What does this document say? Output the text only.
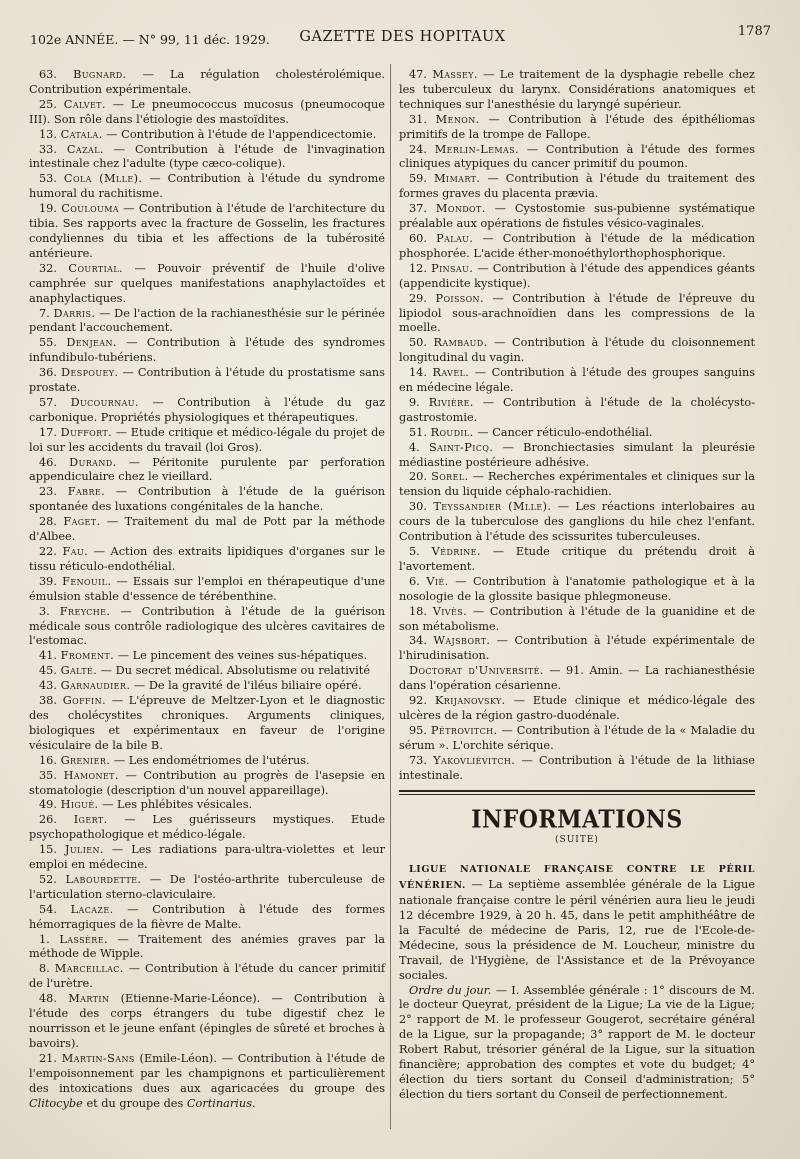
102e ANNÉE. — N° 99, 11 déc. 1929.	GAZETTE DES HOPITAUX	1787

63. Bugnard. — La régulation cholestérolémique. Contribution expérimentale.

25. Calvet. — Le pneumococcus mucosus (pneumocoque III). Son rôle dans l'étiologie des mastoïdites.

13. Catala. — Contribution à l'étude de l'appendicectomie.

33. Cazal. — Contribution à l'étude de l'invagination intestinale chez l'adulte (type cæco-colique).

53. Cola (Mlle). — Contribution à l'étude du syndrome humoral du rachitisme.

19. Coulouma — Contribution à l'étude de l'architecture du tibia. Ses rapports avec la fracture de Gosselin, les fractures condyliennes du tibia et les affections de la tubérosité antérieure.

32. Courtial. — Pouvoir préventif de l'huile d'olive camphrée sur quelques manifestations anaphylactoïdes et anaphylactiques.

7. Darris. — De l'action de la rachianesthésie sur le périnée pendant l'accouchement.

55. Denjean. — Contribution à l'étude des syndromes infundibulo-tubériens.

36. Despouey. — Contribution à l'étude du prostatisme sans prostate.

57. Ducournau. — Contribution à l'étude du gaz carbonique. Propriétés physiologiques et thérapeutiques.

17. Duffort. — Etude critique et médico-légale du projet de loi sur les accidents du travail (loi Gros).

46. Durand. — Péritonite purulente par perforation appendiculaire chez le vieillard.

23. Fabre. — Contribution à l'étude de la guérison spontanée des luxations congénitales de la hanche.

28. Faget. — Traitement du mal de Pott par la méthode d'Albee.

22. Fau. — Action des extraits lipidiques d'organes sur le tissu réticulo-endothélial.

39. Fenouil. — Essais sur l'emploi en thérapeutique d'une émulsion stable d'essence de térébenthine.

3. Freyche. — Contribution à l'étude de la guérison médicale sous contrôle radiologique des ulcères cavitaires de l'estomac.

41. Froment. — Le pincement des veines sus-hépatiques.

45. Galté. — Du secret médical. Absolutisme ou relativité

43. Garnaudier. — De la gravité de l'iléus biliaire opéré.

38. Goffin. — L'épreuve de Meltzer-Lyon et le diagnostic des cholécystites chroniques. Arguments cliniques, biologiques et expérimentaux en faveur de l'origine vésiculaire de la bile B.

16. Grenier. — Les endométriomes de l'utérus.

35. Hamonet. — Contribution au progrès de l'asepsie en stomatologie (description d'un nouvel appareillage).

49. Higué. — Les phlébites vésicales.

26. Igert. — Les guérisseurs mystiques. Etude psychopathologique et médico-légale.

15. Julien. — Les radiations para-ultra-violettes et leur emploi en médecine.

52. Labourdette. — De l'ostéo-arthrite tuberculeuse de l'articulation sterno-claviculaire.

54. Lacaze. — Contribution à l'étude des formes hémorragiques de la fièvre de Malte.

1. Lassère. — Traitement des anémies graves par la méthode de Wipple.

8. Marceillac. — Contribution à l'étude du cancer primitif de l'urètre.

48. Martin (Etienne-Marie-Léonce). — Contribution à l'étude des corps étrangers du tube digestif chez le nourrisson et le jeune enfant (épingles de sûreté et broches à bavoirs).

21. Martin-Sans (Emile-Léon). — Contribution à l'étude de l'empoisonnement par les champignons et particulièrement des intoxications dues aux agaricacées du groupe des Clitocybe et du groupe des Cortinarius.

47. Massey. — Le traitement de la dysphagie rebelle chez les tuberculeux du larynx. Considérations anatomiques et techniques sur l'anesthésie du laryngé supérieur.

31. Menon. — Contribution à l'étude des épithéliomas primitifs de la trompe de Fallope.

24. Merlin-Lemas. — Contribution à l'étude des formes cliniques atypiques du cancer primitif du poumon.

59. Mimart. — Contribution à l'étude du traitement des formes graves du placenta prævia.

37. Mondot. — Cystostomie sus-pubienne systématique préalable aux opérations de fistules vésico-vaginales.

60. Palau. — Contribution à l'étude de la médication phosphorée. L'acide éther-monoéthylorthophosphorique.

12. Pinsau. — Contribution à l'étude des appendices géants (appendicite kystique).

29. Poisson. — Contribution à l'étude de l'épreuve du lipiodol sous-arachnoïdien dans les compressions de la moelle.

50. Rambaud. — Contribution à l'étude du cloisonnement longitudinal du vagin.

14. Ravel. — Contribution à l'étude des groupes sanguins en médecine légale.

9. Rivière. — Contribution à l'étude de la cholécysto-gastrostomie.

51. Roudil. — Cancer réticulo-endothélial.

4. Saint-Picq. — Bronchiectasies simulant la pleurésie médiastine postérieure adhésive.

20. Sorel. — Recherches expérimentales et cliniques sur la tension du liquide céphalo-rachidien.

30. Teyssandier (Mlle). — Les réactions interlobaires au cours de la tuberculose des ganglions du hile chez l'enfant. Contribution à l'étude des scissurites tuberculeuses.

5. Védrine. — Etude critique du prétendu droit à l'avortement.

6. Vié. — Contribution à l'anatomie pathologique et à la nosologie de la glossite basique phlegmoneuse.

18. Vivès. — Contribution à l'étude de la guanidine et de son métabolisme.

34. Wajsbort. — Contribution à l'étude expérimentale de l'hirudinisation.

Doctorat d'Université. — 91. Amin. — La rachianesthésie dans l'opération césarienne.

92. Krijanovsky. — Etude clinique et médico-légale des ulcères de la région gastro-duodénale.

95. Pétrovitch. — Contribution à l'étude de la « Maladie du sérum ». L'orchite sérique.

73. Yakovliévitch. — Contribution à l'étude de la lithiase intestinale.

INFORMATIONS

(SUITE)

LIGUE NATIONALE FRANÇAISE CONTRE LE PÉRIL VÉNÉRIEN. — La septième assemblée générale de la Ligue nationale française contre le péril vénérien aura lieu le jeudi 12 décembre 1929, à 20 h. 45, dans le petit amphithéâtre de la Faculté de médecine de Paris, 12, rue de l'Ecole-de-Médecine, sous la présidence de M. Loucheur, ministre du Travail, de l'Hygiène, de l'Assistance et de la Prévoyance sociales.

Ordre du jour. — I. Assemblée générale : 1° discours de M. le docteur Queyrat, président de la Ligue; La vie de la Ligue; 2° rapport de M. le professeur Gougerot, secrétaire général de la Ligue, sur la propagande; 3° rapport de M. le docteur Robert Rabut, trésorier général de la Ligue, sur la situation financière; approbation des comptes et vote du budget; 4° élection du tiers sortant du Conseil d'administration; 5° élection du tiers sortant du Conseil de perfectionnement.
